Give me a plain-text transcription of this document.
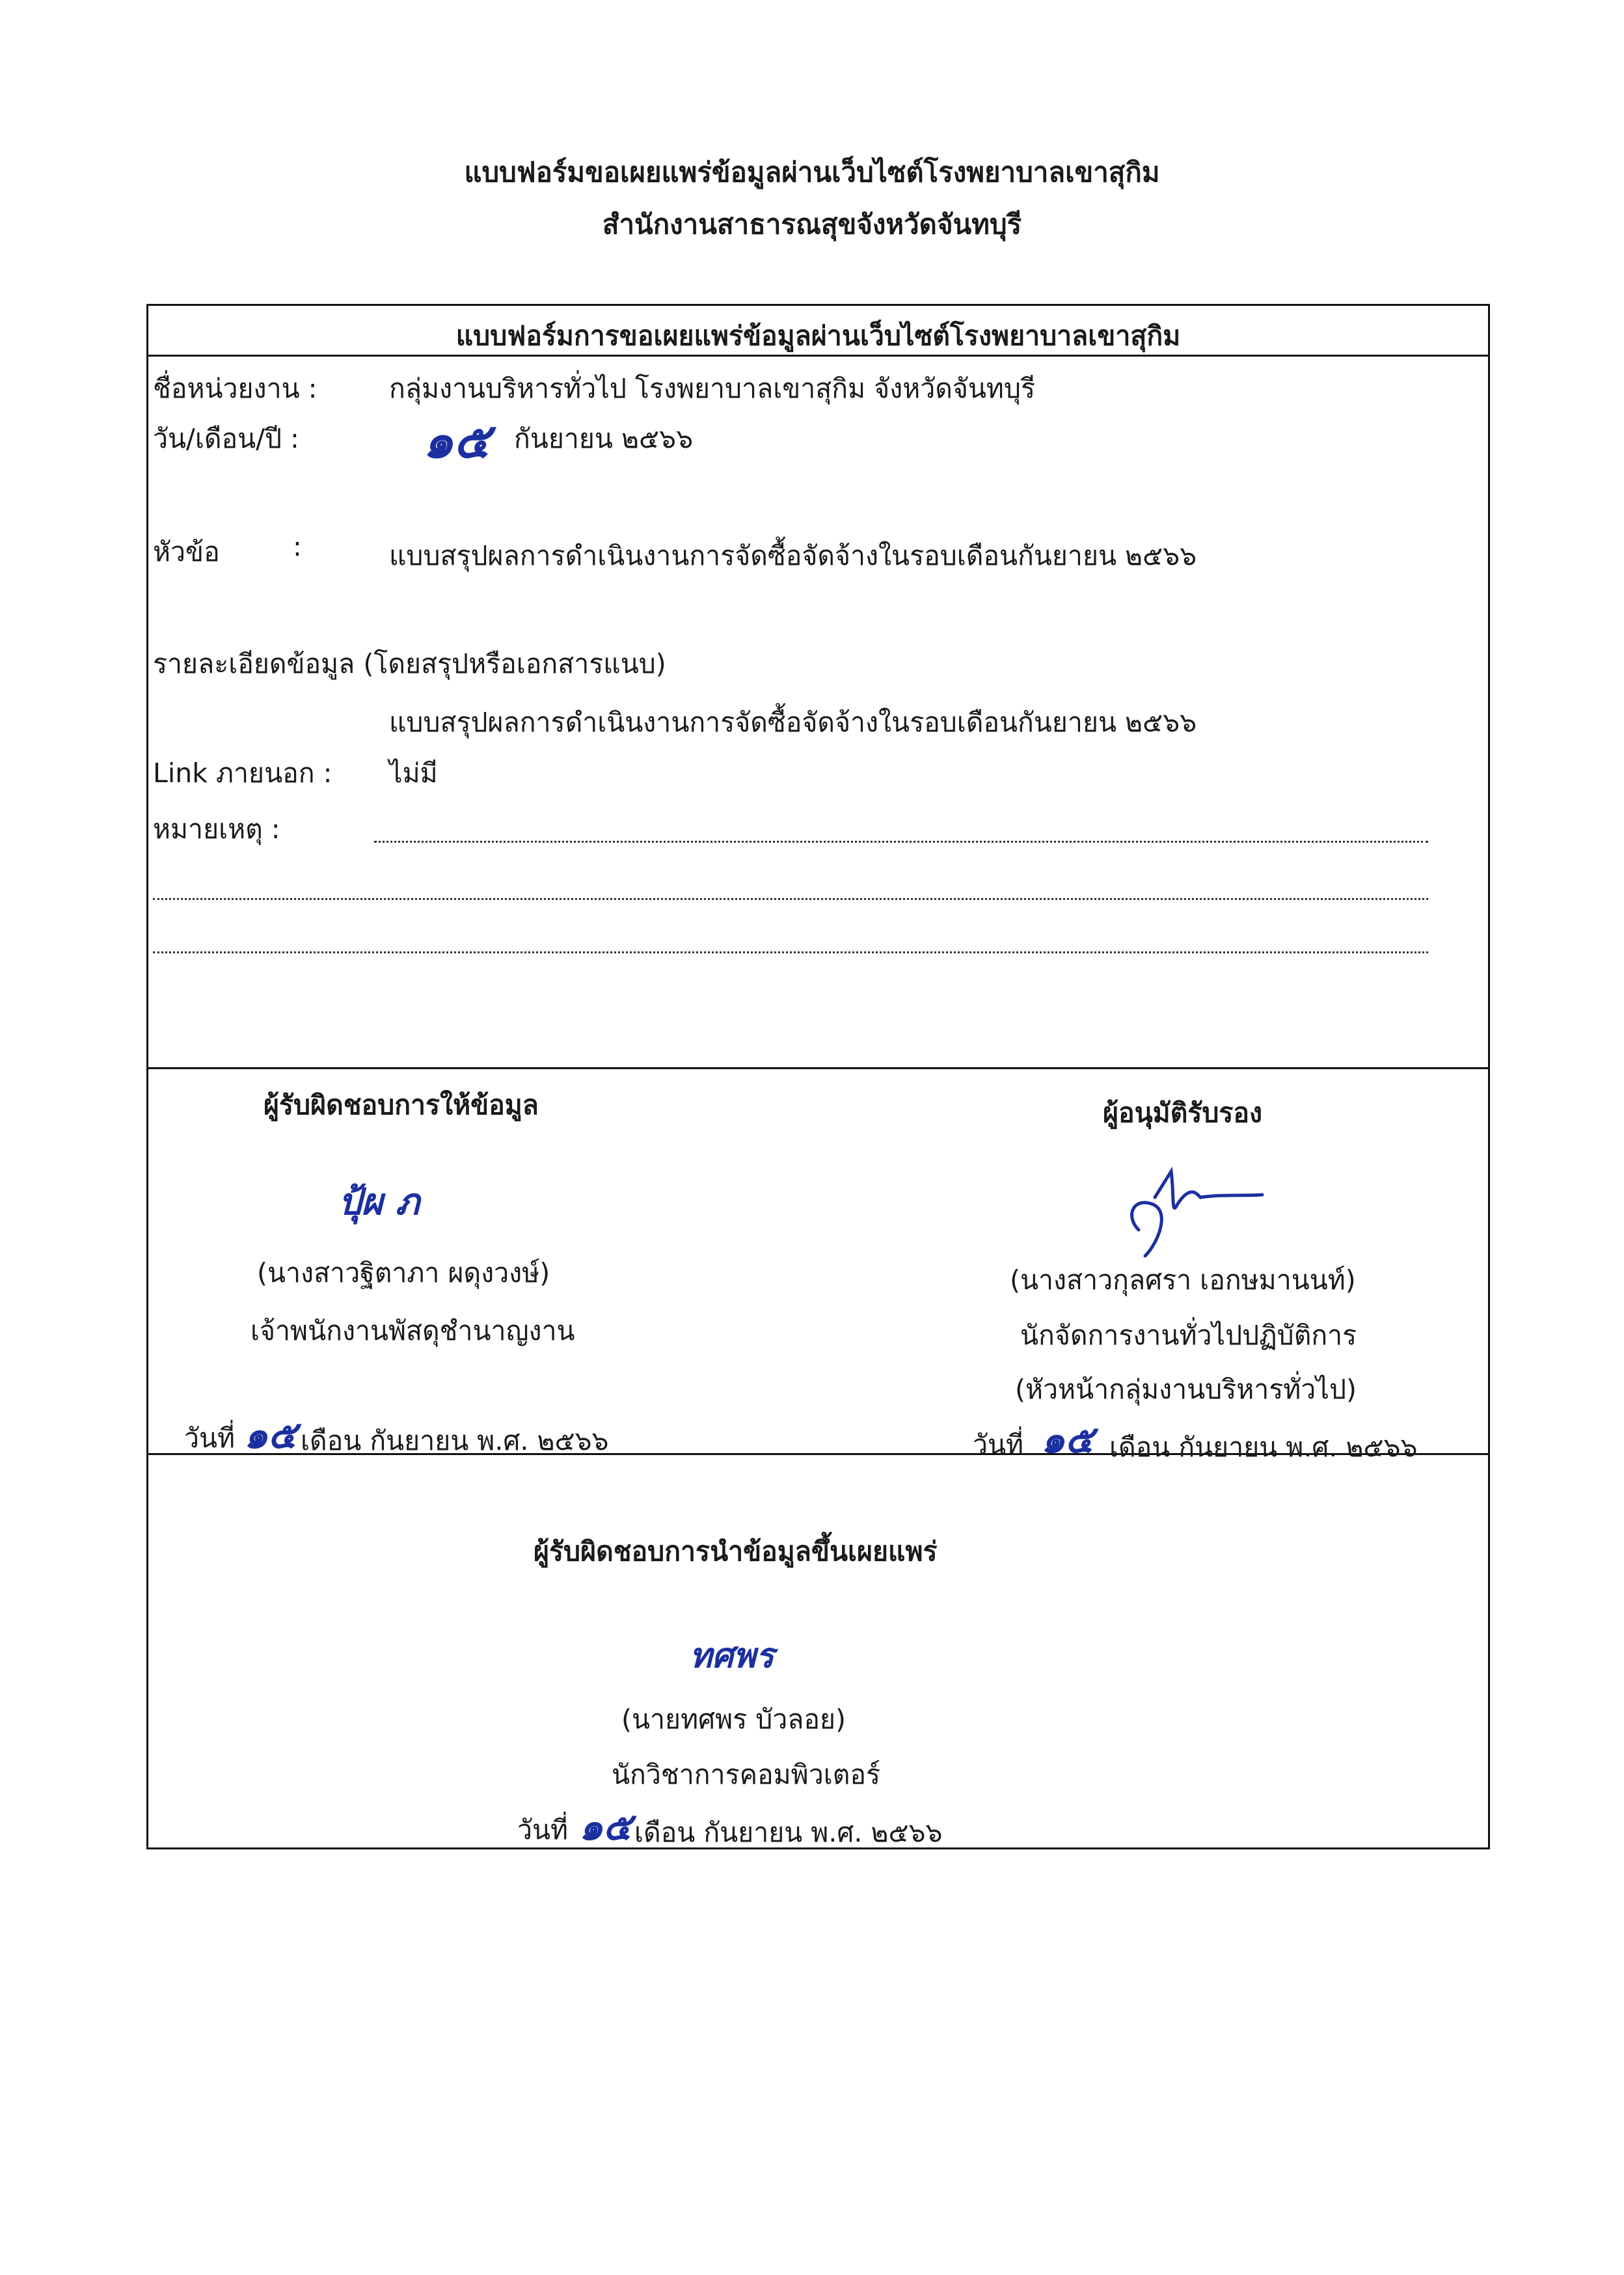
แบบฟอร์มขอเผยแพร่ข้อมูลผ่านเว็บไซต์โรงพยาบาลเขาสุกิม
สำนักงานสาธารณสุขจังหวัดจันทบุรี
แบบฟอร์มการขอเผยแพร่ข้อมูลผ่านเว็บไซต์โรงพยาบาลเขาสุกิม
ชื่อหน่วยงาน :	กลุ่มงานบริหารทั่วไป โรงพยาบาลเขาสุกิม จังหวัดจันทบุรี
วัน/เดือน/ปี :	๑๕ กันยายน ๒๕๖๖
หัวข้อ	:	แบบสรุปผลการดำเนินงานการจัดซื้อจัดจ้างในรอบเดือนกันยายน ๒๕๖๖
รายละเอียดข้อมูล (โดยสรุปหรือเอกสารแนบ)
แบบสรุปผลการดำเนินงานการจัดซื้อจัดจ้างในรอบเดือนกันยายน ๒๕๖๖
Link ภายนอก : ไม่มี
หมายเหตุ :
ผู้รับผิดชอบการให้ข้อมูล
ปุ้ผ ภ
(นางสาวฐิตาภา ผดุงวงษ์)
เจ้าพนักงานพัสดุชำนาญงาน
วันที่ ๑๕ เดือน กันยายน พ.ศ. ๒๕๖๖
ผู้อนุมัติรับรอง
(นางสาวกุลศรา เอกษมานนท์)
นักจัดการงานทั่วไปปฏิบัติการ
(หัวหน้ากลุ่มงานบริหารทั่วไป)
วันที่ ๑๕ เดือน กันยายน พ.ศ. ๒๕๖๖
ผู้รับผิดชอบการนำข้อมูลขึ้นเผยแพร่
ทศพร
(นายทศพร บัวลอย)
นักวิชาการคอมพิวเตอร์
วันที่ ๑๕ เดือน กันยายน พ.ศ. ๒๕๖๖
